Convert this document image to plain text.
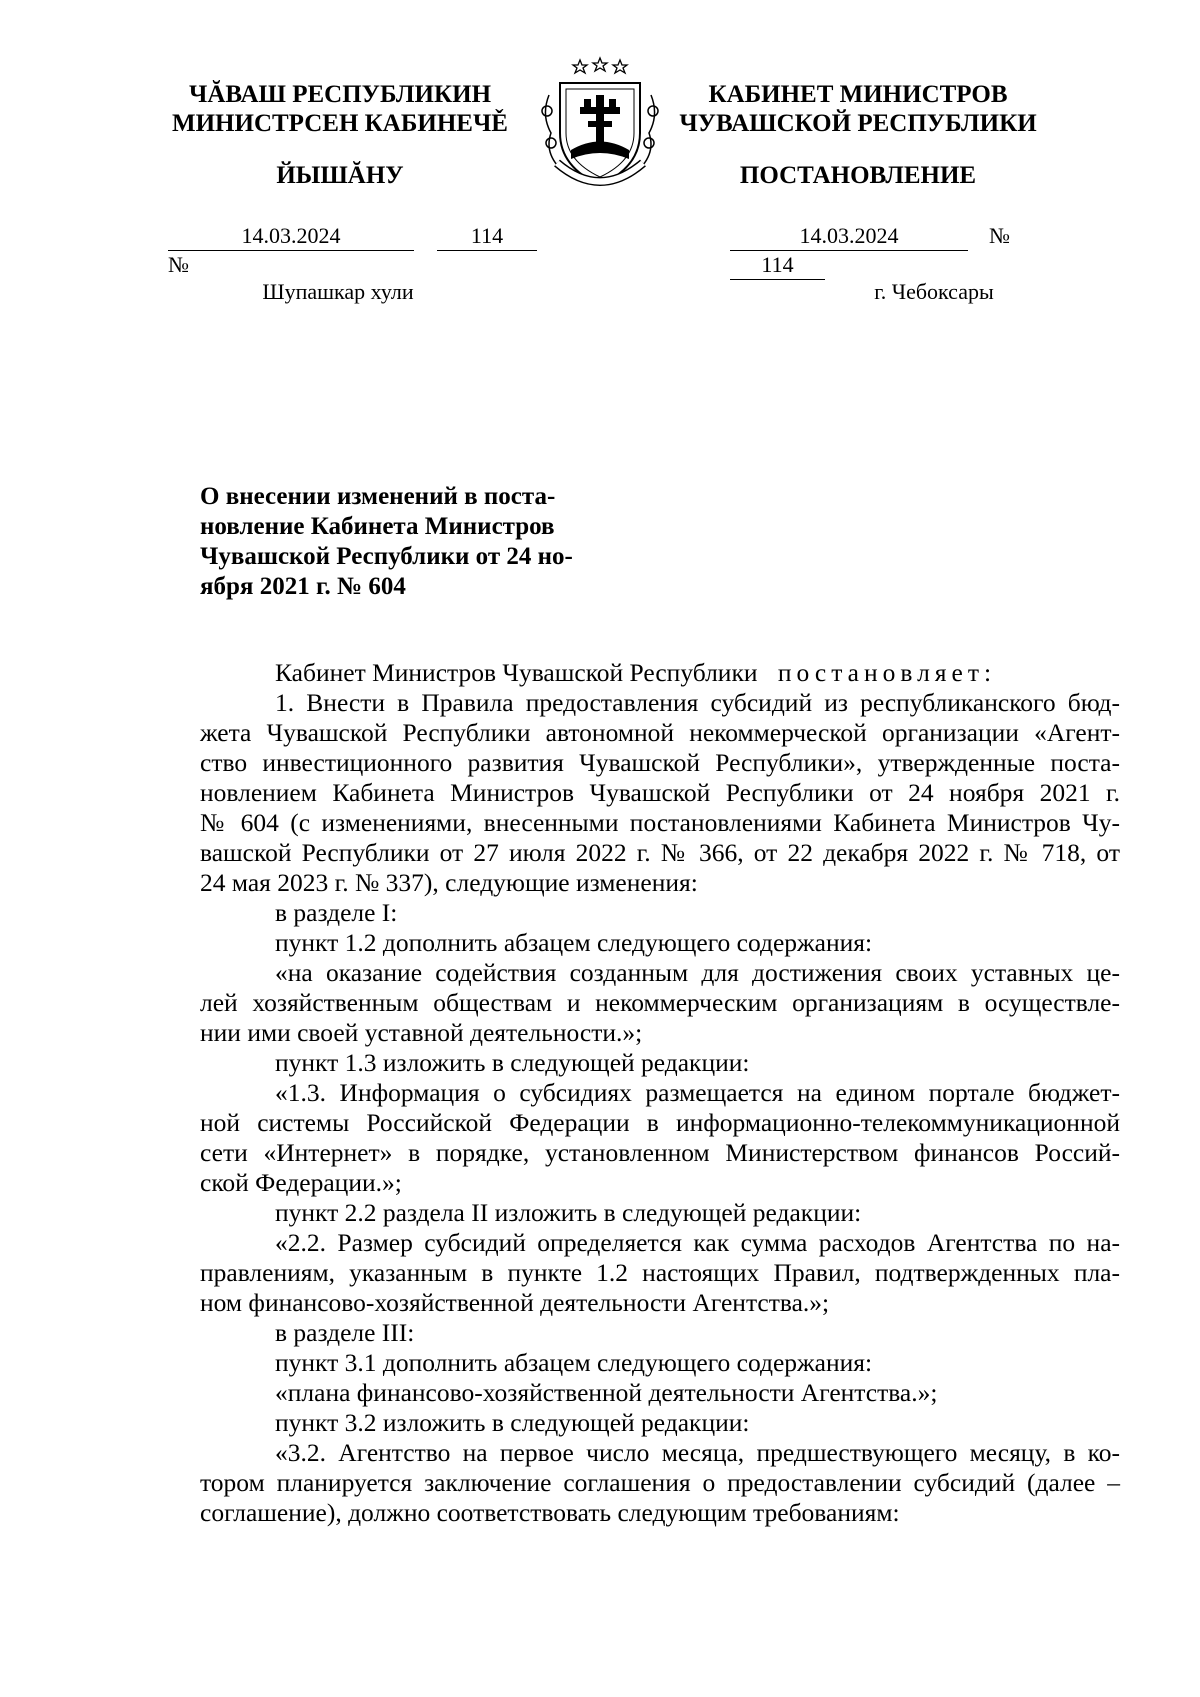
ЧĂВАШ РЕСПУБЛИКИН
МИНИСТРСЕН КАБИНЕЧĚ
ЙЫШĂНУ
КАБИНЕТ МИНИСТРОВ
ЧУВАШСКОЙ РЕСПУБЛИКИ
ПОСТАНОВЛЕНИЕ
14.03.2024	114 №
14.03.2024	№ 114
Шупашкар хули	г. Чебоксары
О внесении изменений в поста-
новление Кабинета Министров
Чувашской Республики от 24 но-
ября 2021 г. № 604
Кабинет Министров Чувашской Республики постановляет:
1. Внести в Правила предоставления субсидий из республиканского бюд-
жета Чувашской Республики автономной некоммерческой организации «Агент-
ство инвестиционного развития Чувашской Республики», утвержденные поста-
новлением Кабинета Министров Чувашской Республики от 24 ноября 2021 г.
№ 604 (с изменениями, внесенными постановлениями Кабинета Министров Чу-
вашской Республики от 27 июля 2022 г. № 366, от 22 декабря 2022 г. № 718, от
24 мая 2023 г. № 337), следующие изменения:
в разделе I:
пункт 1.2 дополнить абзацем следующего содержания:
«на оказание содействия созданным для достижения своих уставных це-
лей хозяйственным обществам и некоммерческим организациям в осуществле-
нии ими своей уставной деятельности.»;
пункт 1.3 изложить в следующей редакции:
«1.3. Информация о субсидиях размещается на едином портале бюджет-
ной системы Российской Федерации в информационно-телекоммуникационной
сети «Интернет» в порядке, установленном Министерством финансов Россий-
ской Федерации.»;
пункт 2.2 раздела II изложить в следующей редакции:
«2.2. Размер субсидий определяется как сумма расходов Агентства по на-
правлениям, указанным в пункте 1.2 настоящих Правил, подтвержденных пла-
ном финансово-хозяйственной деятельности Агентства.»;
в разделе III:
пункт 3.1 дополнить абзацем следующего содержания:
«плана финансово-хозяйственной деятельности Агентства.»;
пункт 3.2 изложить в следующей редакции:
«3.2. Агентство на первое число месяца, предшествующего месяцу, в ко-
тором планируется заключение соглашения о предоставлении субсидий (далее –
соглашение), должно соответствовать следующим требованиям:
